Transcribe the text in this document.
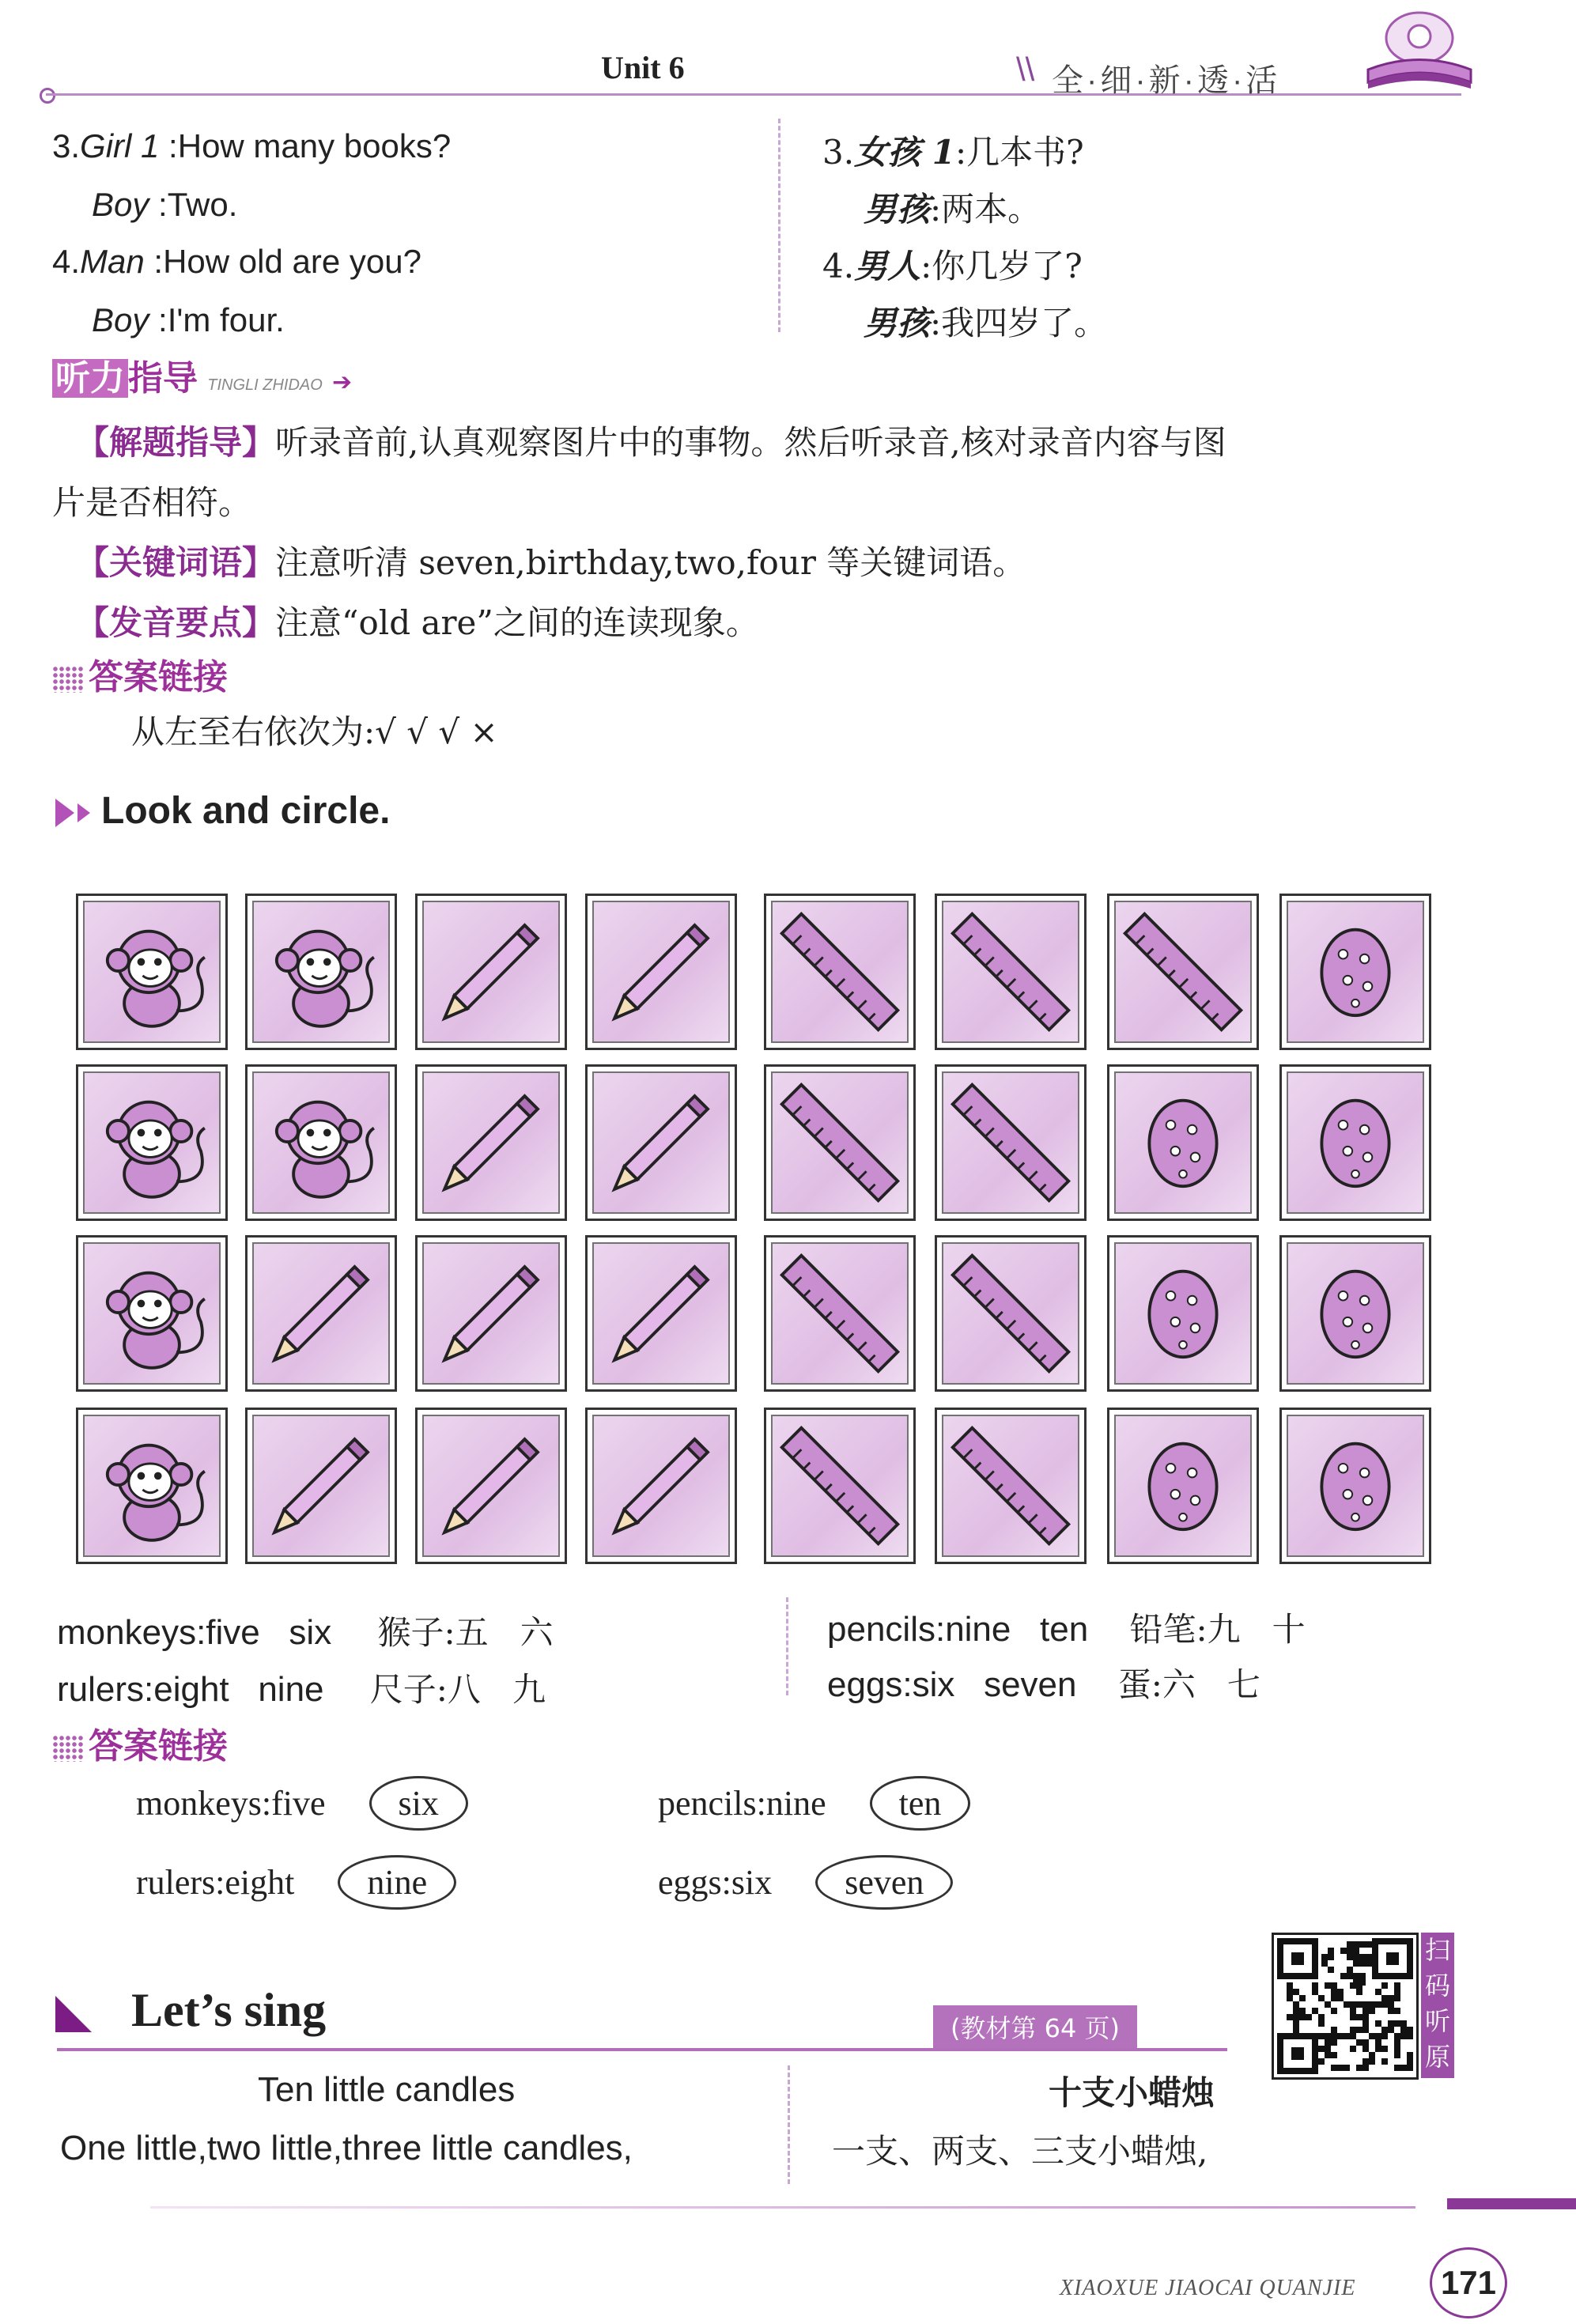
Unit 6	\\ 全·细·新·透·活
3.Girl 1 :How many books?
Boy :Two.
4.Man :How old are you?
Boy :I'm four.
3.女孩 1:几本书?
男孩:两本。
4.男人:你几岁了?
男孩:我四岁了。
听力指导 TINGLI ZHIDAO ➔
【解题指导】听录音前,认真观察图片中的事物。然后听录音,核对录音内容与图
片是否相符。
【关键词语】注意听清 seven,birthday,two,four 等关键词语。
【发音要点】注意“old are”之间的连读现象。
答案链接
从左至右依次为:√ √ √ ×
Look and circle.
monkeys:five   six 猴子:五   六
rulers:eight   nine 尺子:八   九
pencils:nine   ten 铅笔:九   十
eggs:six   seven 蛋:六   七
答案链接
monkeys:five six	pencils:nine ten
rulers:eight nine	eggs:six seven
Let’s sing	(教材第 64 页)
扫
码
听
原
Ten little candles	十支小蜡烛
One little,two little,three little candles,	一支、两支、三支小蜡烛,
XIAOXUE JIAOCAI QUANJIE	171
